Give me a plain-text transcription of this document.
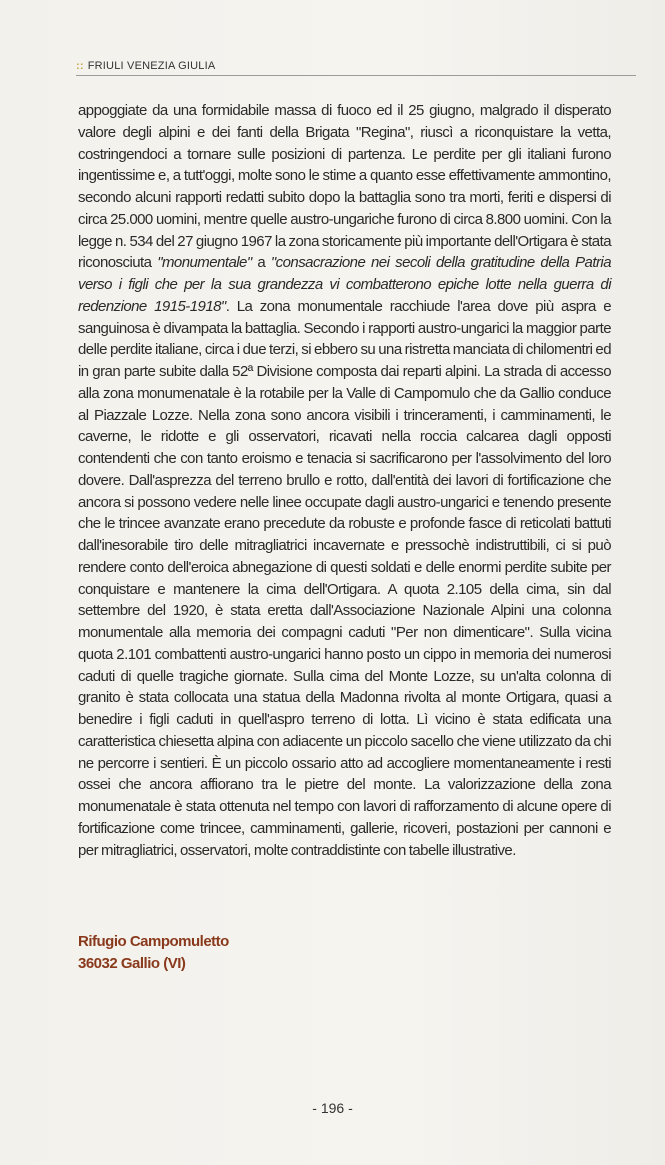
:: FRIULI VENEZIA GIULIA

appoggiate da una formidabile massa di fuoco ed il 25 giugno, malgrado il disperato valore degli alpini e dei fanti della Brigata "Regina", riuscì a riconquistare la vetta, costringendoci a tornare sulle posizioni di partenza. Le perdite per gli italiani furono ingentissime e, a tutt'oggi, molte sono le stime a quanto esse effettivamente ammontino, secondo alcuni rapporti redatti subito dopo la battaglia sono tra morti, feriti e dispersi di circa 25.000 uomini, mentre quelle austro-ungariche furono di circa 8.800 uomini. Con la legge n. 534 del 27 giugno 1967 la zona storicamente più importante dell'Ortigara è stata riconosciuta "monumentale" a "consacrazione nei secoli della gratitudine della Patria verso i figli che per la sua grandezza vi combatterono epiche lotte nella guerra di redenzione 1915-1918". La zona monumentale racchiude l'area dove più aspra e sanguinosa è divampata la battaglia. Secondo i rapporti austro-ungarici la maggior parte delle perdite italiane, circa i due terzi, si ebbero su una ristretta manciata di chilomentri ed in gran parte subite dalla 52ª Divisione composta dai reparti alpini. La strada di accesso alla zona monumenatale è la rotabile per la Valle di Campomulo che da Gallio conduce al Piazzale Lozze. Nella zona sono ancora visibili i trinceramenti, i camminamenti, le caverne, le ridotte e gli osservatori, ricavati nella roccia calcarea dagli opposti contendenti che con tanto eroismo e tenacia si sacrificarono per l'assolvimento del loro dovere. Dall'asprezza del terreno brullo e rotto, dall'entità dei lavori di fortificazione che ancora si possono vedere nelle linee occupate dagli austro-ungarici e tenendo presente che le trincee avanzate erano precedute da robuste e profonde fasce di reticolati battuti dall'inesorabile tiro delle mitragliatrici incavernate e pressochè indistruttibili, ci si può rendere conto dell'eroica abnegazione di questi soldati e delle enormi perdite subite per conquistare e mantenere la cima dell'Ortigara. A quota 2.105 della cima, sin dal settembre del 1920, è stata eretta dall'Associazione Nazionale Alpini una colonna monumentale alla memoria dei compagni caduti "Per non dimenticare". Sulla vicina quota 2.101 combattenti austro-ungarici hanno posto un cippo in memoria dei numerosi caduti di quelle tragiche giornate. Sulla cima del Monte Lozze, su un'alta colonna di granito è stata collocata una statua della Madonna rivolta al monte Ortigara, quasi a benedire i figli caduti in quell'aspro terreno di lotta. Lì vicino è stata edificata una caratteristica chiesetta alpina con adiacente un piccolo sacello che viene utilizzato da chi ne percorre i sentieri. È un piccolo ossario atto ad accogliere momentaneamente i resti ossei che ancora affiorano tra le pietre del monte. La valorizzazione della zona monumenatale è stata ottenuta nel tempo con lavori di rafforzamento di alcune opere di fortificazione come trincee, camminamenti, gallerie, ricoveri, postazioni per cannoni e per mitragliatrici, osservatori, molte contraddistinte con tabelle illustrative.

Rifugio Campomuletto
36032 Gallio (VI)
- 196 -
